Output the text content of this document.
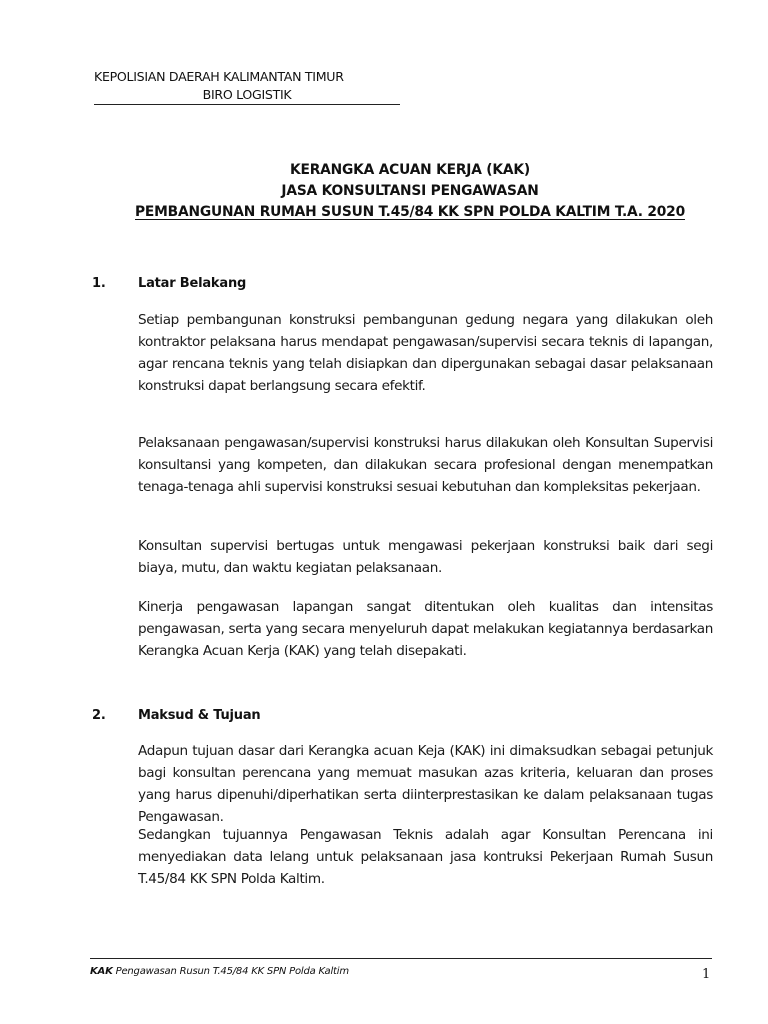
KEPOLISIAN DAERAH KALIMANTAN TIMUR
BIRO LOGISTIK
KERANGKA ACUAN KERJA (KAK)
JASA KONSULTANSI PENGAWASAN
PEMBANGUNAN RUMAH SUSUN T.45/84 KK SPN POLDA KALTIM T.A. 2020
1. Latar Belakang

Setiap pembangunan konstruksi pembangunan gedung negara yang dilakukan oleh kontraktor pelaksana harus mendapat pengawasan/supervisi secara teknis di lapangan, agar rencana teknis yang telah disiapkan dan dipergunakan sebagai dasar pelaksanaan konstruksi dapat berlangsung secara efektif.

Pelaksanaan pengawasan/supervisi konstruksi harus dilakukan oleh Konsultan Supervisi konsultansi yang kompeten, dan dilakukan secara profesional dengan menempatkan tenaga-tenaga ahli supervisi konstruksi sesuai kebutuhan dan kompleksitas pekerjaan.

Konsultan supervisi bertugas untuk mengawasi pekerjaan konstruksi baik dari segi biaya, mutu, dan waktu kegiatan pelaksanaan.

Kinerja pengawasan lapangan sangat ditentukan oleh kualitas dan intensitas pengawasan, serta yang secara menyeluruh dapat melakukan kegiatannya berdasarkan Kerangka Acuan Kerja (KAK) yang telah disepakati.

2. Maksud & Tujuan

Adapun tujuan dasar dari Kerangka acuan Keja (KAK) ini dimaksudkan sebagai petunjuk bagi konsultan perencana yang memuat masukan azas kriteria, keluaran dan proses yang harus dipenuhi/diperhatikan serta diinterprestasikan ke dalam pelaksanaan tugas Pengawasan.

Sedangkan tujuannya Pengawasan Teknis adalah agar Konsultan Perencana ini menyediakan data lelang untuk pelaksanaan jasa kontruksi Pekerjaan Rumah Susun T.45/84 KK SPN Polda Kaltim.

KAK Pengawasan Rusun T.45/84 KK SPN Polda Kaltim	1
